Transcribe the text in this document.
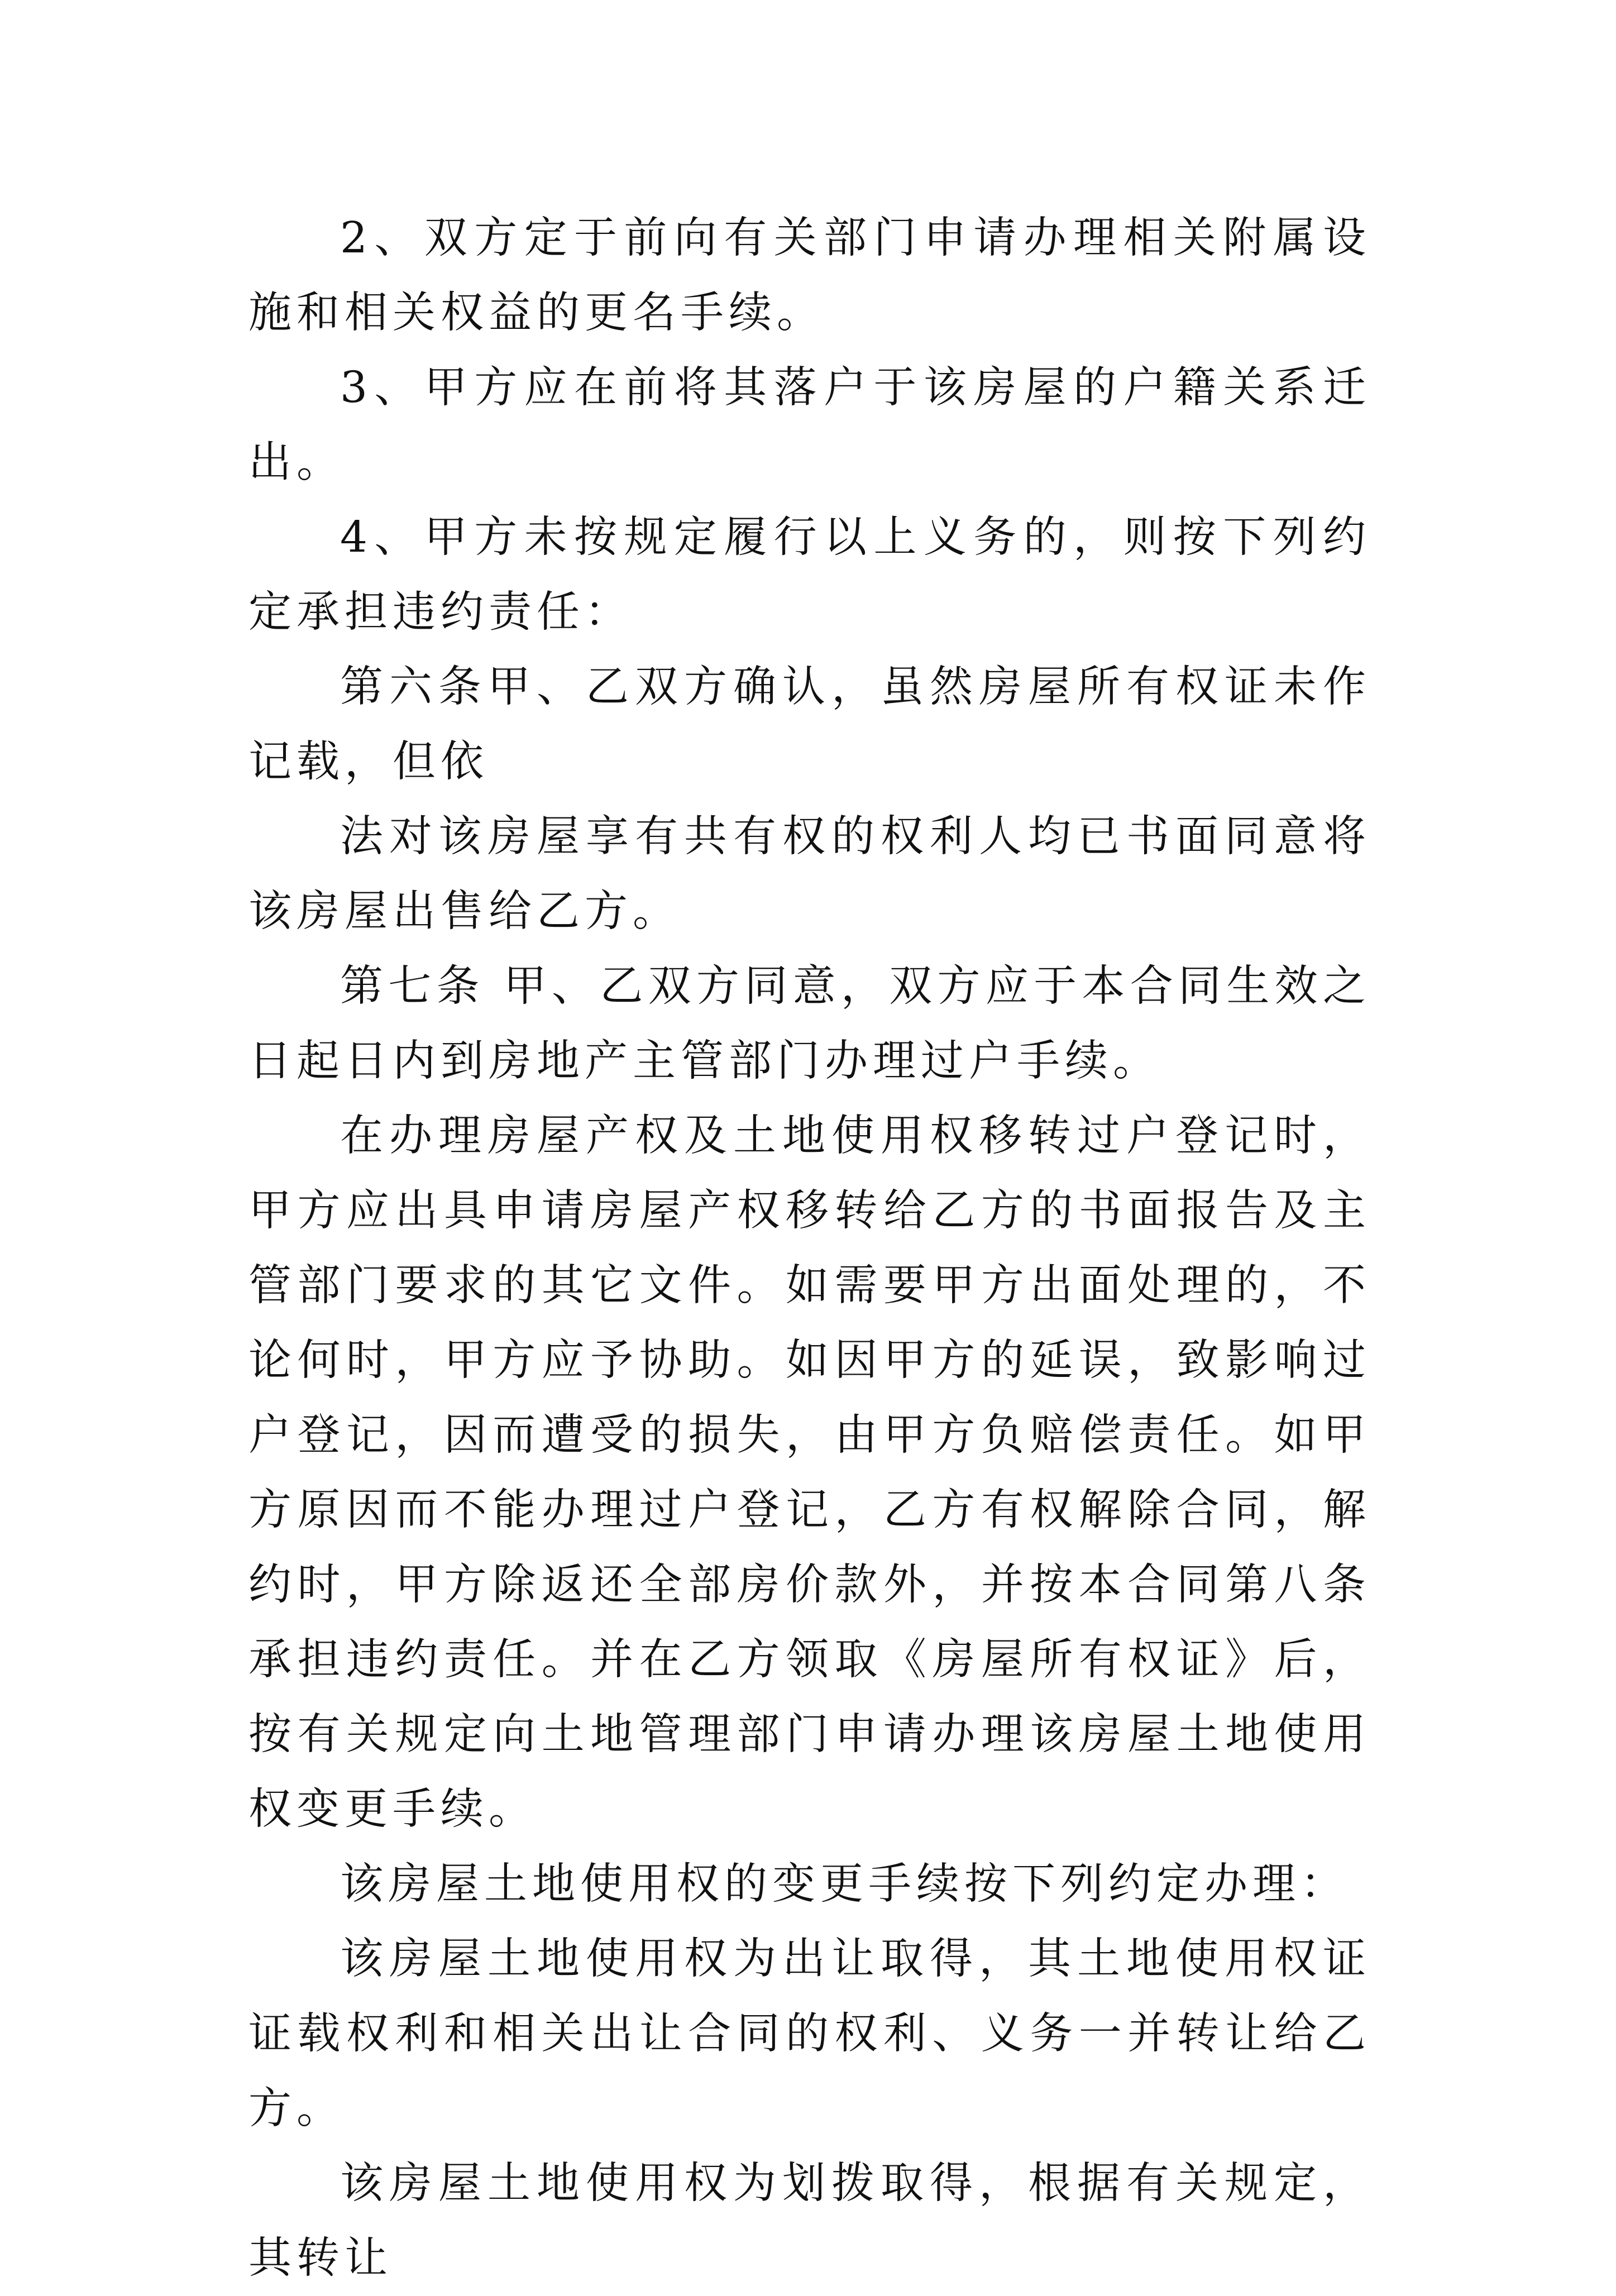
2、双方定于前向有关部门申请办理相关附属设施和相关权益的更名手续。

3、甲方应在前将其落户于该房屋的户籍关系迁出。

4、甲方未按规定履行以上义务的，则按下列约定承担违约责任：

第六条甲、乙双方确认，虽然房屋所有权证未作记载，但依

法对该房屋享有共有权的权利人均已书面同意将该房屋出售给乙方。

第七条 甲、乙双方同意，双方应于本合同生效之日起日内到房地产主管部门办理过户手续。

在办理房屋产权及土地使用权移转过户登记时，甲方应出具申请房屋产权移转给乙方的书面报告及主管部门要求的其它文件。如需要甲方出面处理的，不论何时，甲方应予协助。如因甲方的延误，致影响过户登记，因而遭受的损失，由甲方负赔偿责任。如甲方原因而不能办理过户登记，乙方有权解除合同，解约时，甲方除返还全部房价款外，并按本合同第八条承担违约责任。并在乙方领取《房屋所有权证》后，按有关规定向土地管理部门申请办理该房屋土地使用权变更手续。

该房屋土地使用权的变更手续按下列约定办理：

该房屋土地使用权为出让取得，其土地使用权证证载权利和相关出让合同的权利、义务一并转让给乙方。

该房屋土地使用权为划拨取得，根据有关规定，其转让
